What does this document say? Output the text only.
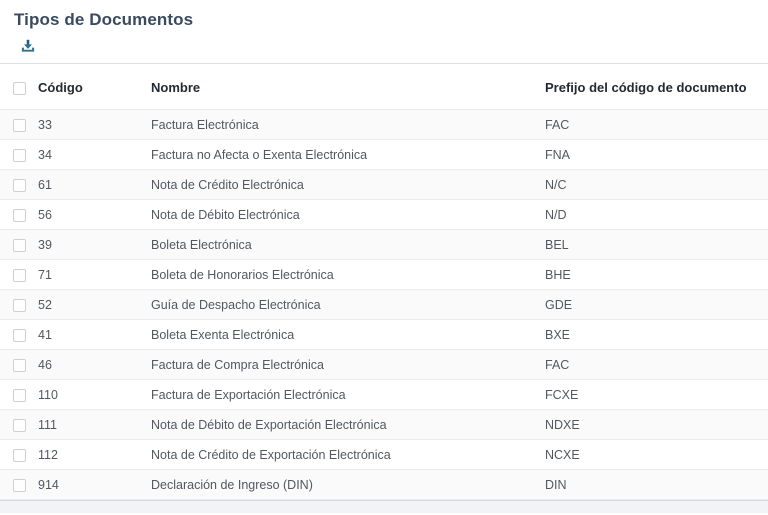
Tipos de Documentos
	Código	Nombre	Prefijo del código de documento
	33	Factura Electrónica	FAC
	34	Factura no Afecta o Exenta Electrónica	FNA
	61	Nota de Crédito Electrónica	N/C
	56	Nota de Débito Electrónica	N/D
	39	Boleta Electrónica	BEL
	71	Boleta de Honorarios Electrónica	BHE
	52	Guía de Despacho Electrónica	GDE
	41	Boleta Exenta Electrónica	BXE
	46	Factura de Compra Electrónica	FAC
	110	Factura de Exportación Electrónica	FCXE
	111	Nota de Débito de Exportación Electrónica	NDXE
	112	Nota de Crédito de Exportación Electrónica	NCXE
	914	Declaración de Ingreso (DIN)	DIN
